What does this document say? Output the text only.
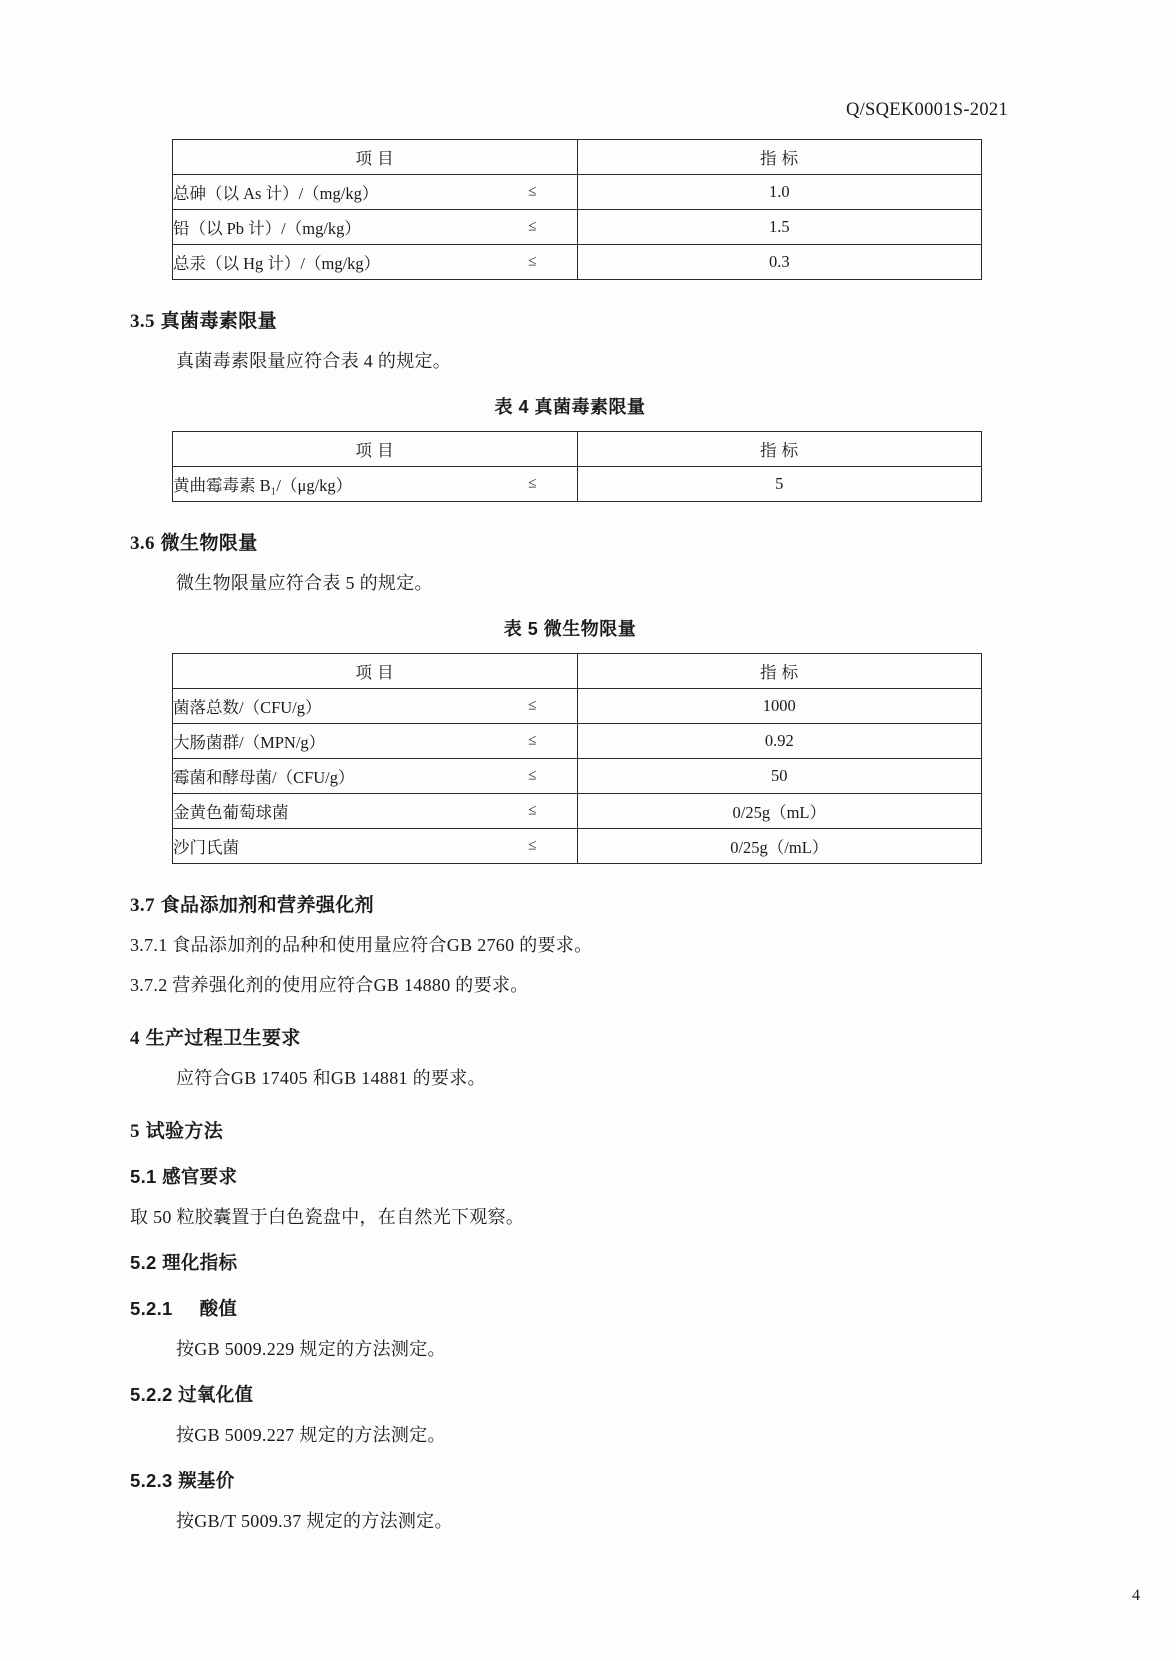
Q/SQEK0001S-2021
项 目	指 标
总砷（以 As 计）/（mg/kg） ≤	1.0
铅（以 Pb 计）/（mg/kg） ≤	1.5
总汞（以 Hg 计）/（mg/kg） ≤	0.3
3.5 真菌毒素限量
真菌毒素限量应符合表 4 的规定。
表 4 真菌毒素限量
项 目	指 标
黄曲霉毒素 B₁/（μg/kg） ≤	5
3.6 微生物限量
微生物限量应符合表 5 的规定。
表 5 微生物限量
项 目	指 标
菌落总数/（CFU/g） ≤	1000
大肠菌群/（MPN/g） ≤	0.92
霉菌和酵母菌/（CFU/g） ≤	50
金黄色葡萄球菌 ≤	0/25g（mL）
沙门氏菌 ≤	0/25g（/mL）
3.7 食品添加剂和营养强化剂
3.7.1 食品添加剂的品种和使用量应符合GB 2760 的要求。
3.7.2 营养强化剂的使用应符合GB 14880 的要求。
4 生产过程卫生要求
应符合GB 17405 和GB 14881 的要求。
5 试验方法
5.1 感官要求
取 50 粒胶囊置于白色瓷盘中，在自然光下观察。
5.2 理化指标
5.2.1 酸值
按GB 5009.229 规定的方法测定。
5.2.2 过氧化值
按GB 5009.227 规定的方法测定。
5.2.3 羰基价
按GB/T 5009.37 规定的方法测定。
4
